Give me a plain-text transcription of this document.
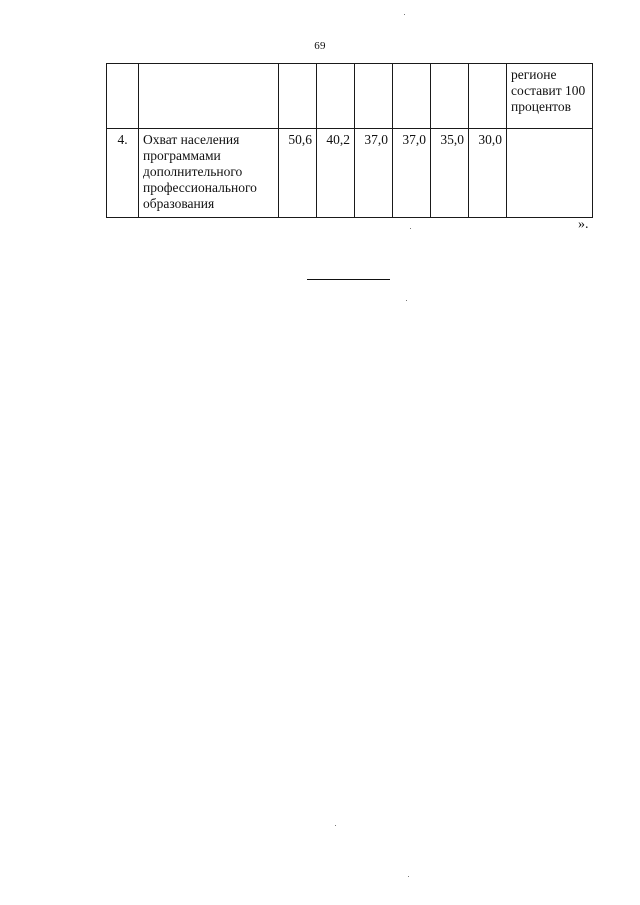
69

								регионе
составит 100
процентов

4.	Охват населения
программами
дополнительного
профессионального
образования	50,6	40,2	37,0	37,0	35,0	30,0	
».
